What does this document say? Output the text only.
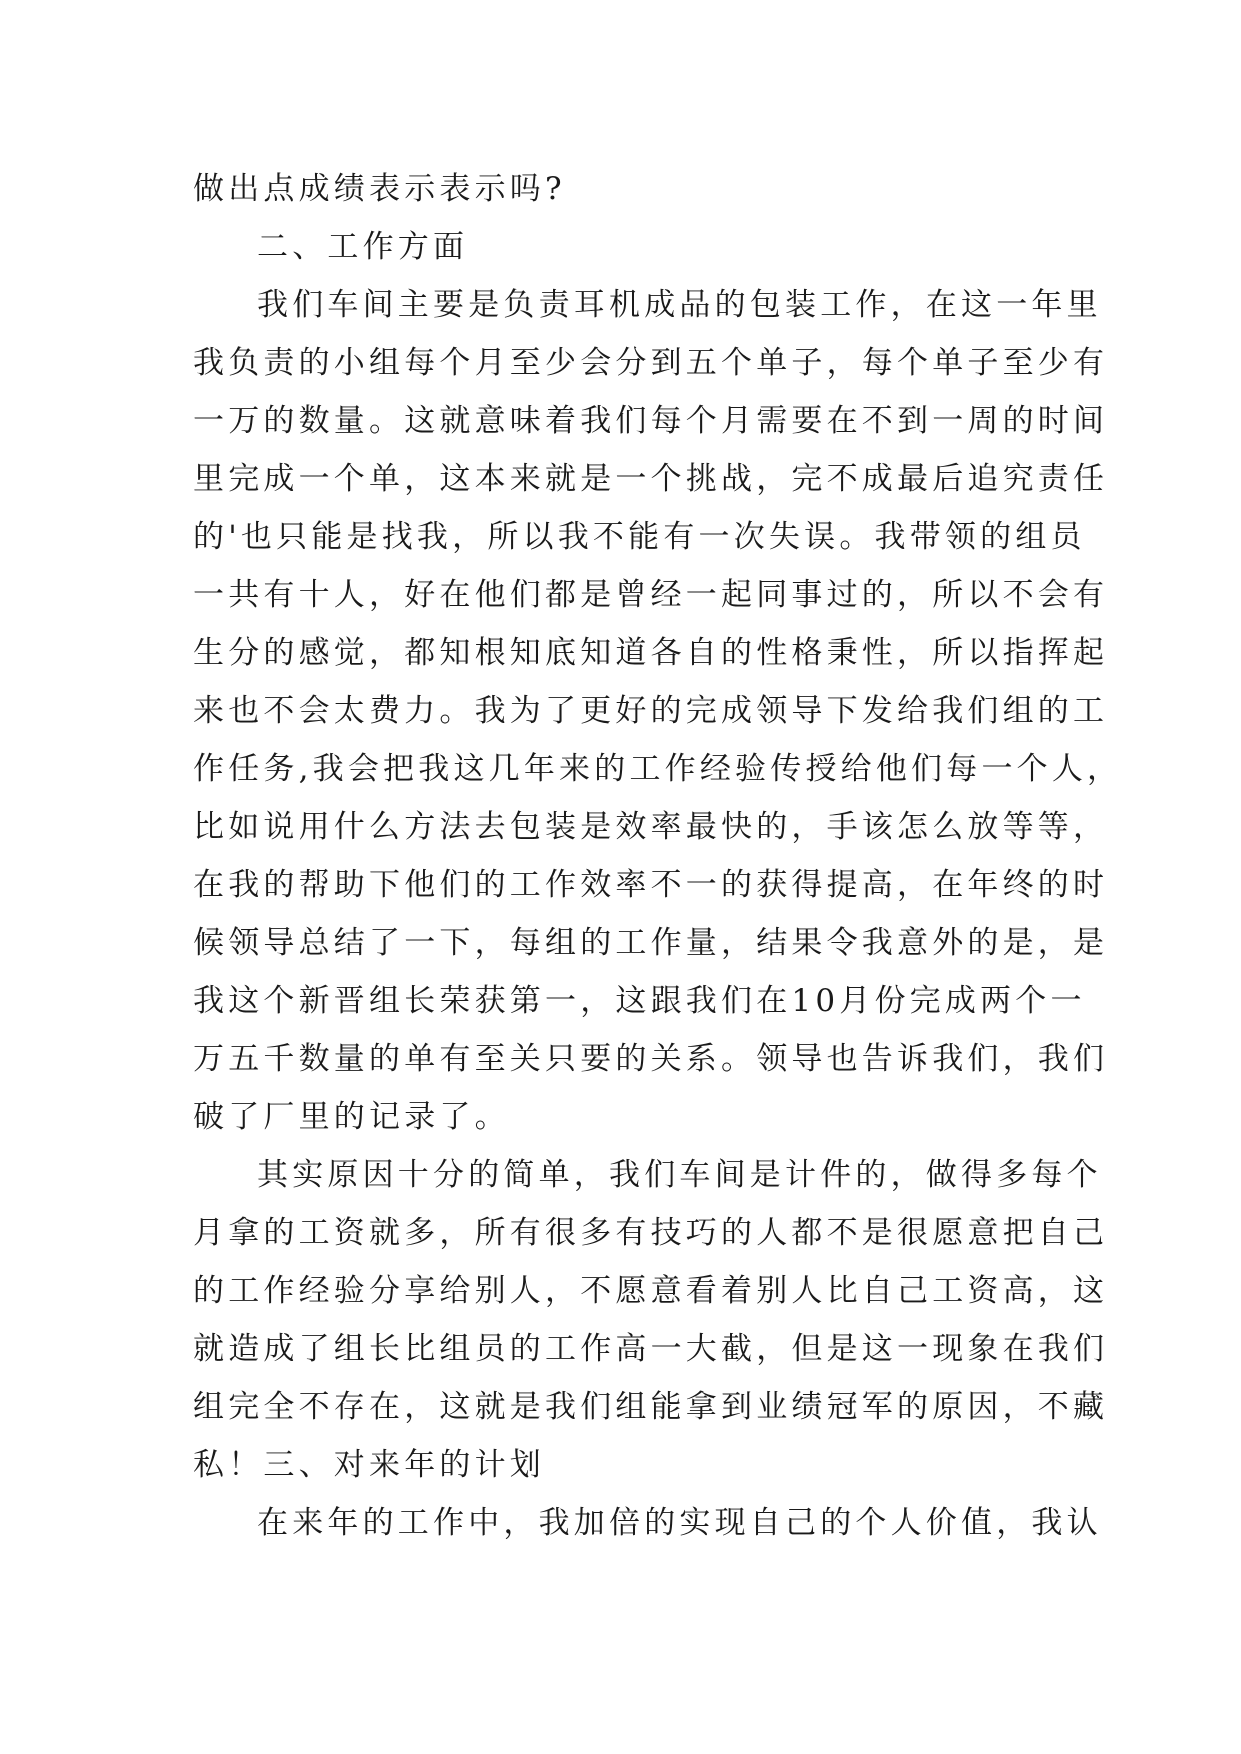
做出点成绩表示表示吗?
二、工作方面
我们车间主要是负责耳机成品的包装工作，在这一年里
我负责的小组每个月至少会分到五个单子，每个单子至少有
一万的数量。这就意味着我们每个月需要在不到一周的时间
里完成一个单，这本来就是一个挑战，完不成最后追究责任
的'也只能是找我，所以我不能有一次失误。我带领的组员
一共有十人，好在他们都是曾经一起同事过的，所以不会有
生分的感觉，都知根知底知道各自的性格秉性，所以指挥起
来也不会太费力。我为了更好的完成领导下发给我们组的工
作任务,我会把我这几年来的工作经验传授给他们每一个人，
比如说用什么方法去包装是效率最快的，手该怎么放等等，
在我的帮助下他们的工作效率不一的获得提高，在年终的时
候领导总结了一下，每组的工作量，结果令我意外的是，是
我这个新晋组长荣获第一，这跟我们在10月份完成两个一
万五千数量的单有至关只要的关系。领导也告诉我们，我们
破了厂里的记录了。
其实原因十分的简单，我们车间是计件的，做得多每个
月拿的工资就多，所有很多有技巧的人都不是很愿意把自己
的工作经验分享给别人，不愿意看着别人比自己工资高，这
就造成了组长比组员的工作高一大截，但是这一现象在我们
组完全不存在，这就是我们组能拿到业绩冠军的原因，不藏
私！三、对来年的计划
在来年的工作中，我加倍的实现自己的个人价值，我认
